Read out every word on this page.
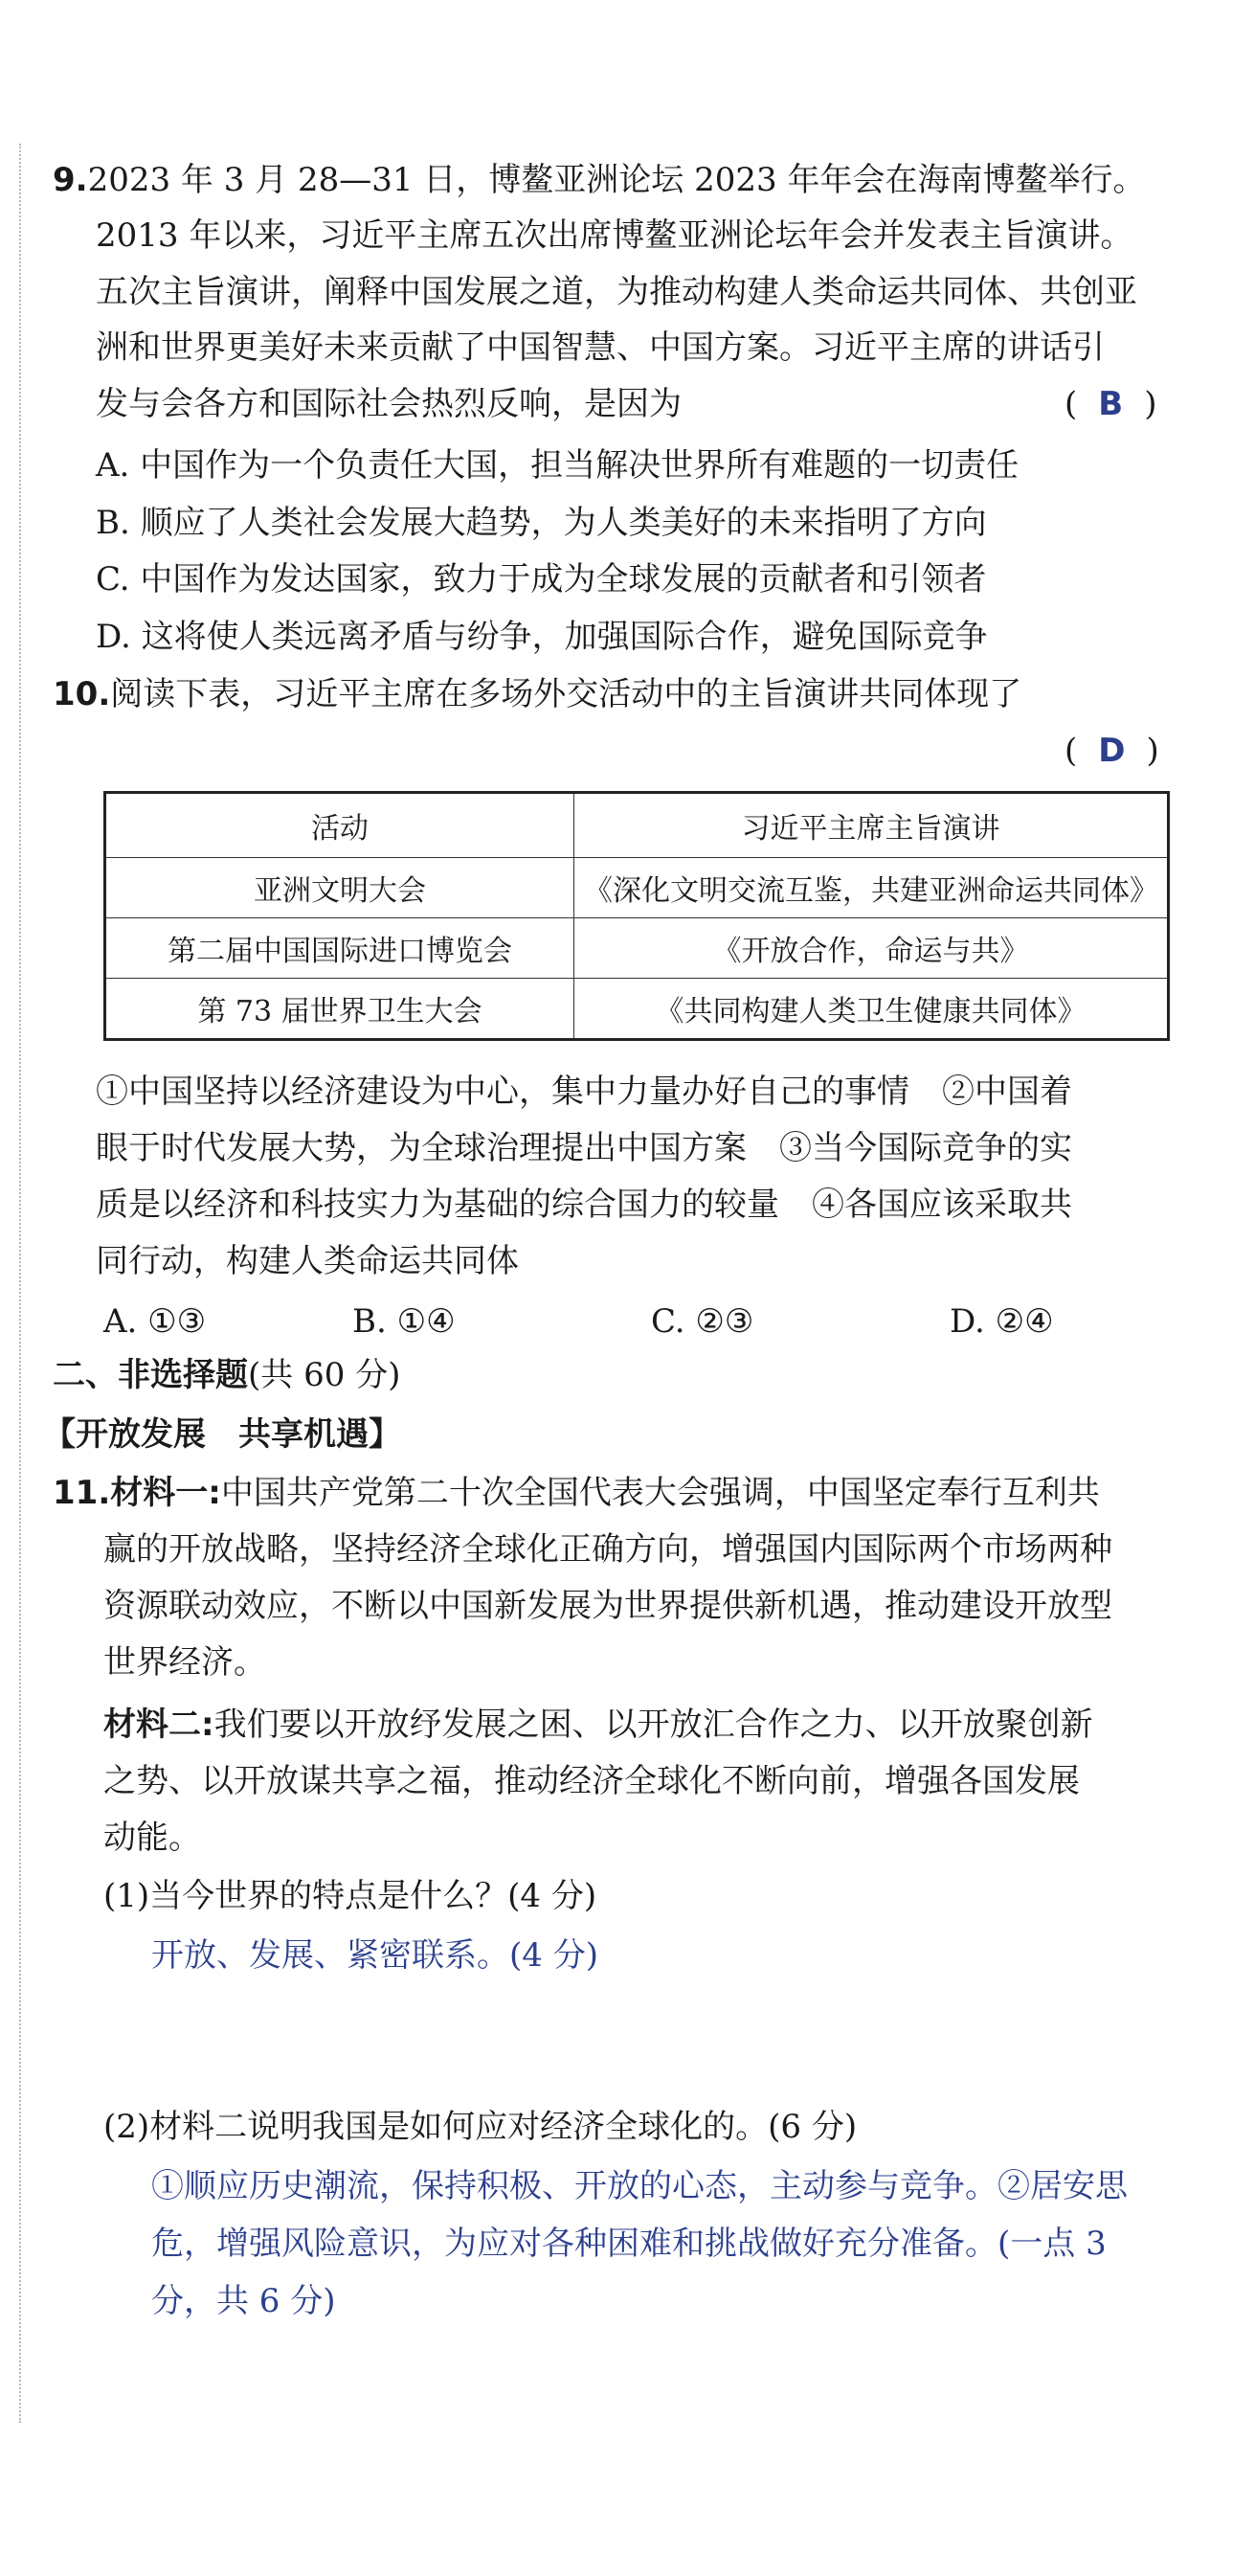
9.2023 年 3 月 28—31 日，博鳌亚洲论坛 2023 年年会在海南博鳌举行。
2013 年以来，习近平主席五次出席博鳌亚洲论坛年会并发表主旨演讲。
五次主旨演讲，阐释中国发展之道，为推动构建人类命运共同体、共创亚
洲和世界更美好未来贡献了中国智慧、中国方案。习近平主席的讲话引
发与会各方和国际社会热烈反响，是因为	( B )
A. 中国作为一个负责任大国，担当解决世界所有难题的一切责任
B. 顺应了人类社会发展大趋势，为人类美好的未来指明了方向
C. 中国作为发达国家，致力于成为全球发展的贡献者和引领者
D. 这将使人类远离矛盾与纷争，加强国际合作，避免国际竞争
10.阅读下表，习近平主席在多场外交活动中的主旨演讲共同体现了
( D )
活动	习近平主席主旨演讲
亚洲文明大会	《深化文明交流互鉴，共建亚洲命运共同体》
第二届中国国际进口博览会	《开放合作，命运与共》
第 73 届世界卫生大会	《共同构建人类卫生健康共同体》
①中国坚持以经济建设为中心，集中力量办好自己的事情　②中国着
眼于时代发展大势，为全球治理提出中国方案　③当今国际竞争的实
质是以经济和科技实力为基础的综合国力的较量　④各国应该采取共
同行动，构建人类命运共同体
A. ①③	B. ①④	C. ②③	D. ②④
二、非选择题(共 60 分)
【开放发展　共享机遇】
11.材料一:中国共产党第二十次全国代表大会强调，中国坚定奉行互利共
赢的开放战略，坚持经济全球化正确方向，增强国内国际两个市场两种
资源联动效应，不断以中国新发展为世界提供新机遇，推动建设开放型
世界经济。
材料二:我们要以开放纾发展之困、以开放汇合作之力、以开放聚创新
之势、以开放谋共享之福，推动经济全球化不断向前，增强各国发展
动能。
(1)当今世界的特点是什么？(4 分)
开放、发展、紧密联系。(4 分)
(2)材料二说明我国是如何应对经济全球化的。(6 分)
①顺应历史潮流，保持积极、开放的心态，主动参与竞争。②居安思
危，增强风险意识，为应对各种困难和挑战做好充分准备。(一点 3
分，共 6 分)
